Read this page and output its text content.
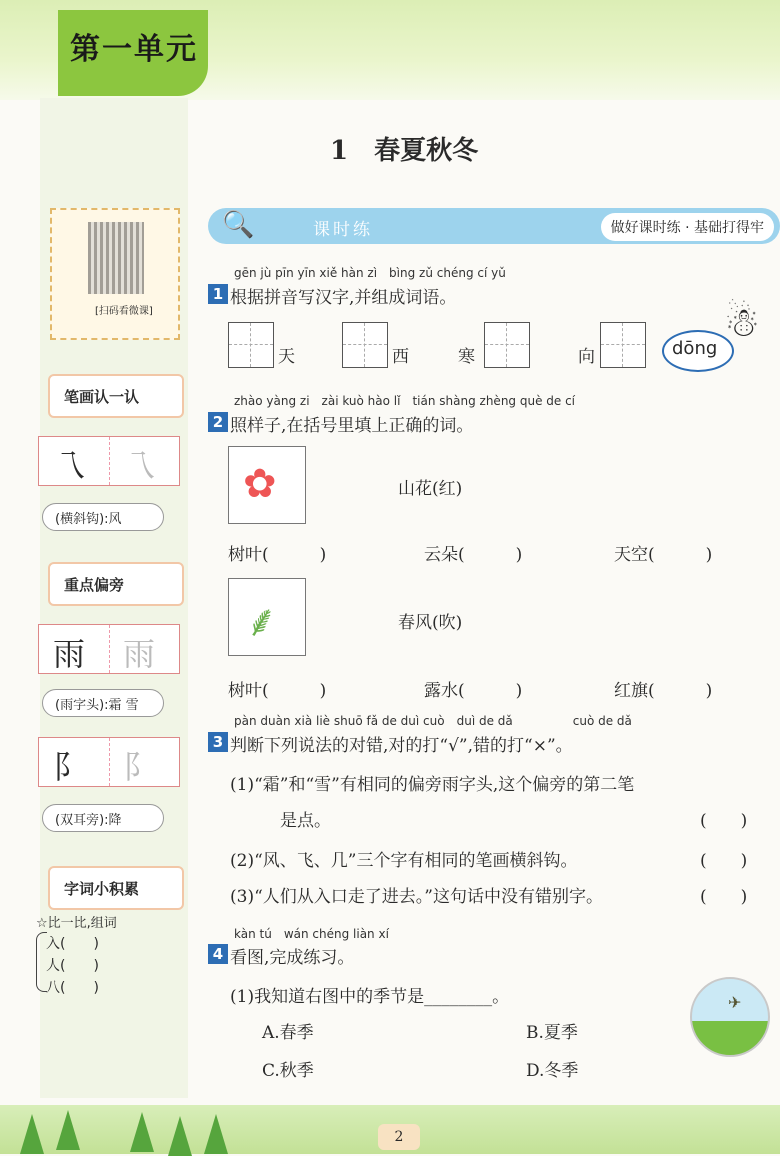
第一单元
[扫码看微课]
笔画认一认
乁 乁
(横斜钩):风
重点偏旁
雨 雨
(雨字头):霜 雪
阝 阝
(双耳旁):降
字词小积累
☆比一比,组词
入(　　)
人(　　)
八(　　)
1　春夏秋冬
🔍	课时练	做好课时练 · 基础打得牢
gēn jù pīn yīn xiě hàn zì　bìng zǔ chéng cí yǔ
1 根据拼音写汉字,并组成词语。
天	西	寒	向	dōng
☃
zhào yàng zi　zài kuò hào lǐ　tián shàng zhèng què de cí
2 照样子,在括号里填上正确的词。
✿	山花(红)
树叶(　　　)	云朵(　　　)	天空(　　　)
⸙	春风(吹)
树叶(　　　)	露水(　　　)	红旗(　　　)
pàn duàn xià liè shuō fǎ de duì cuò　duì de dǎ　　　　　cuò de dǎ
3 判断下列说法的对错,对的打“√”,错的打“×”。
(1)“霜”和“雪”有相同的偏旁雨字头,这个偏旁的第二笔
是点。	(　　)
(2)“风、飞、几”三个字有相同的笔画横斜钩。	(　　)
(3)“人们从入口走了进去。”这句话中没有错别字。	(　　)
kàn tú　wán chéng liàn xí
4 看图,完成练习。
(1)我知道右图中的季节是________。
A.春季	B.夏季
C.秋季	D.冬季
✈
2
